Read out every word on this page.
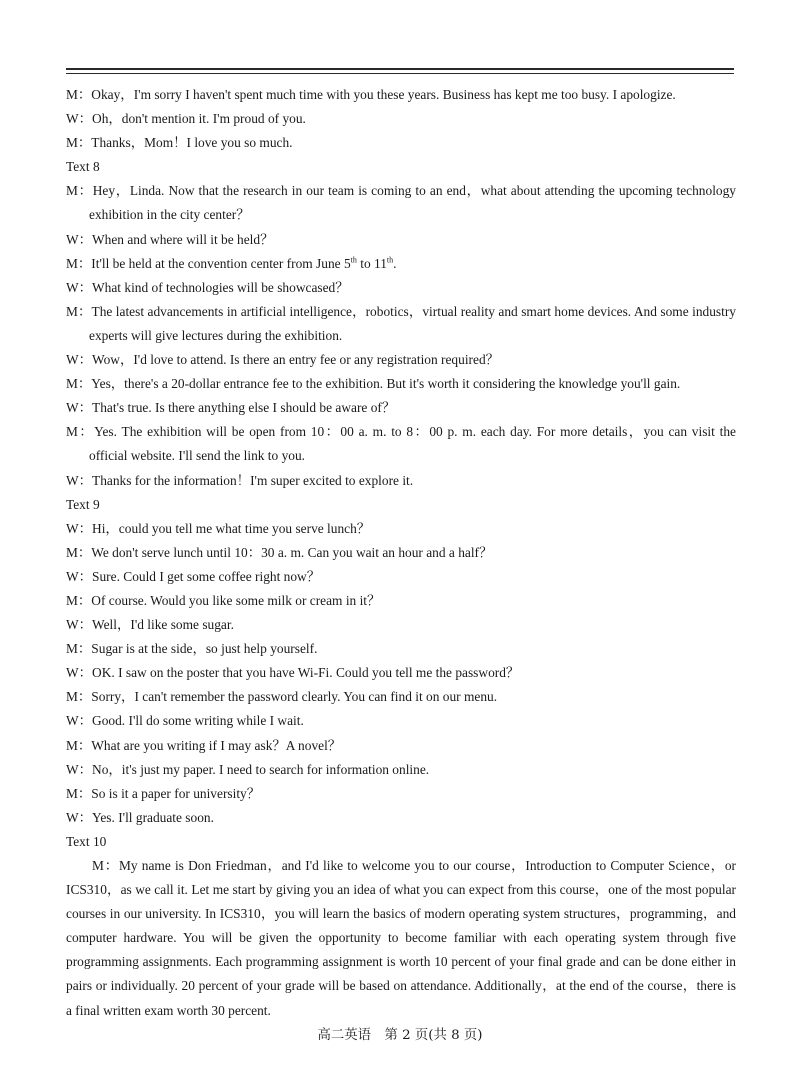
M：Okay，I'm sorry I haven't spent much time with you these years. Business has kept me too busy. I apologize.
W：Oh，don't mention it. I'm proud of you.
M：Thanks，Mom！I love you so much.
Text 8
M：Hey，Linda. Now that the research in our team is coming to an end，what about attending the upcoming technology exhibition in the city center？
W：When and where will it be held？
M：It'll be held at the convention center from June 5th to 11th.
W：What kind of technologies will be showcased？
M：The latest advancements in artificial intelligence，robotics，virtual reality and smart home devices. And some industry experts will give lectures during the exhibition.
W：Wow，I'd love to attend. Is there an entry fee or any registration required？
M：Yes，there's a 20-dollar entrance fee to the exhibition. But it's worth it considering the knowledge you'll gain.
W：That's true. Is there anything else I should be aware of？
M：Yes. The exhibition will be open from 10：00 a. m. to 8：00 p. m. each day. For more details，you can visit the official website. I'll send the link to you.
W：Thanks for the information！I'm super excited to explore it.
Text 9
W：Hi，could you tell me what time you serve lunch？
M：We don't serve lunch until 10：30 a. m. Can you wait an hour and a half？
W：Sure. Could I get some coffee right now？
M：Of course. Would you like some milk or cream in it？
W：Well，I'd like some sugar.
M：Sugar is at the side，so just help yourself.
W：OK. I saw on the poster that you have Wi-Fi. Could you tell me the password？
M：Sorry，I can't remember the password clearly. You can find it on our menu.
W：Good. I'll do some writing while I wait.
M：What are you writing if I may ask？A novel？
W：No，it's just my paper. I need to search for information online.
M：So is it a paper for university？
W：Yes. I'll graduate soon.
Text 10
M：My name is Don Friedman，and I'd like to welcome you to our course，Introduction to Computer Science，or ICS310，as we call it. Let me start by giving you an idea of what you can expect from this course，one of the most popular courses in our university. In ICS310，you will learn the basics of modern operating system structures，programming，and computer hardware. You will be given the opportunity to become familiar with each operating system through five programming assignments. Each programming assignment is worth 10 percent of your final grade and can be done either in pairs or individually. 20 percent of your grade will be based on attendance. Additionally，at the end of the course，there is a final written exam worth 30 percent.
高二英语　第 2 页(共 8 页)
